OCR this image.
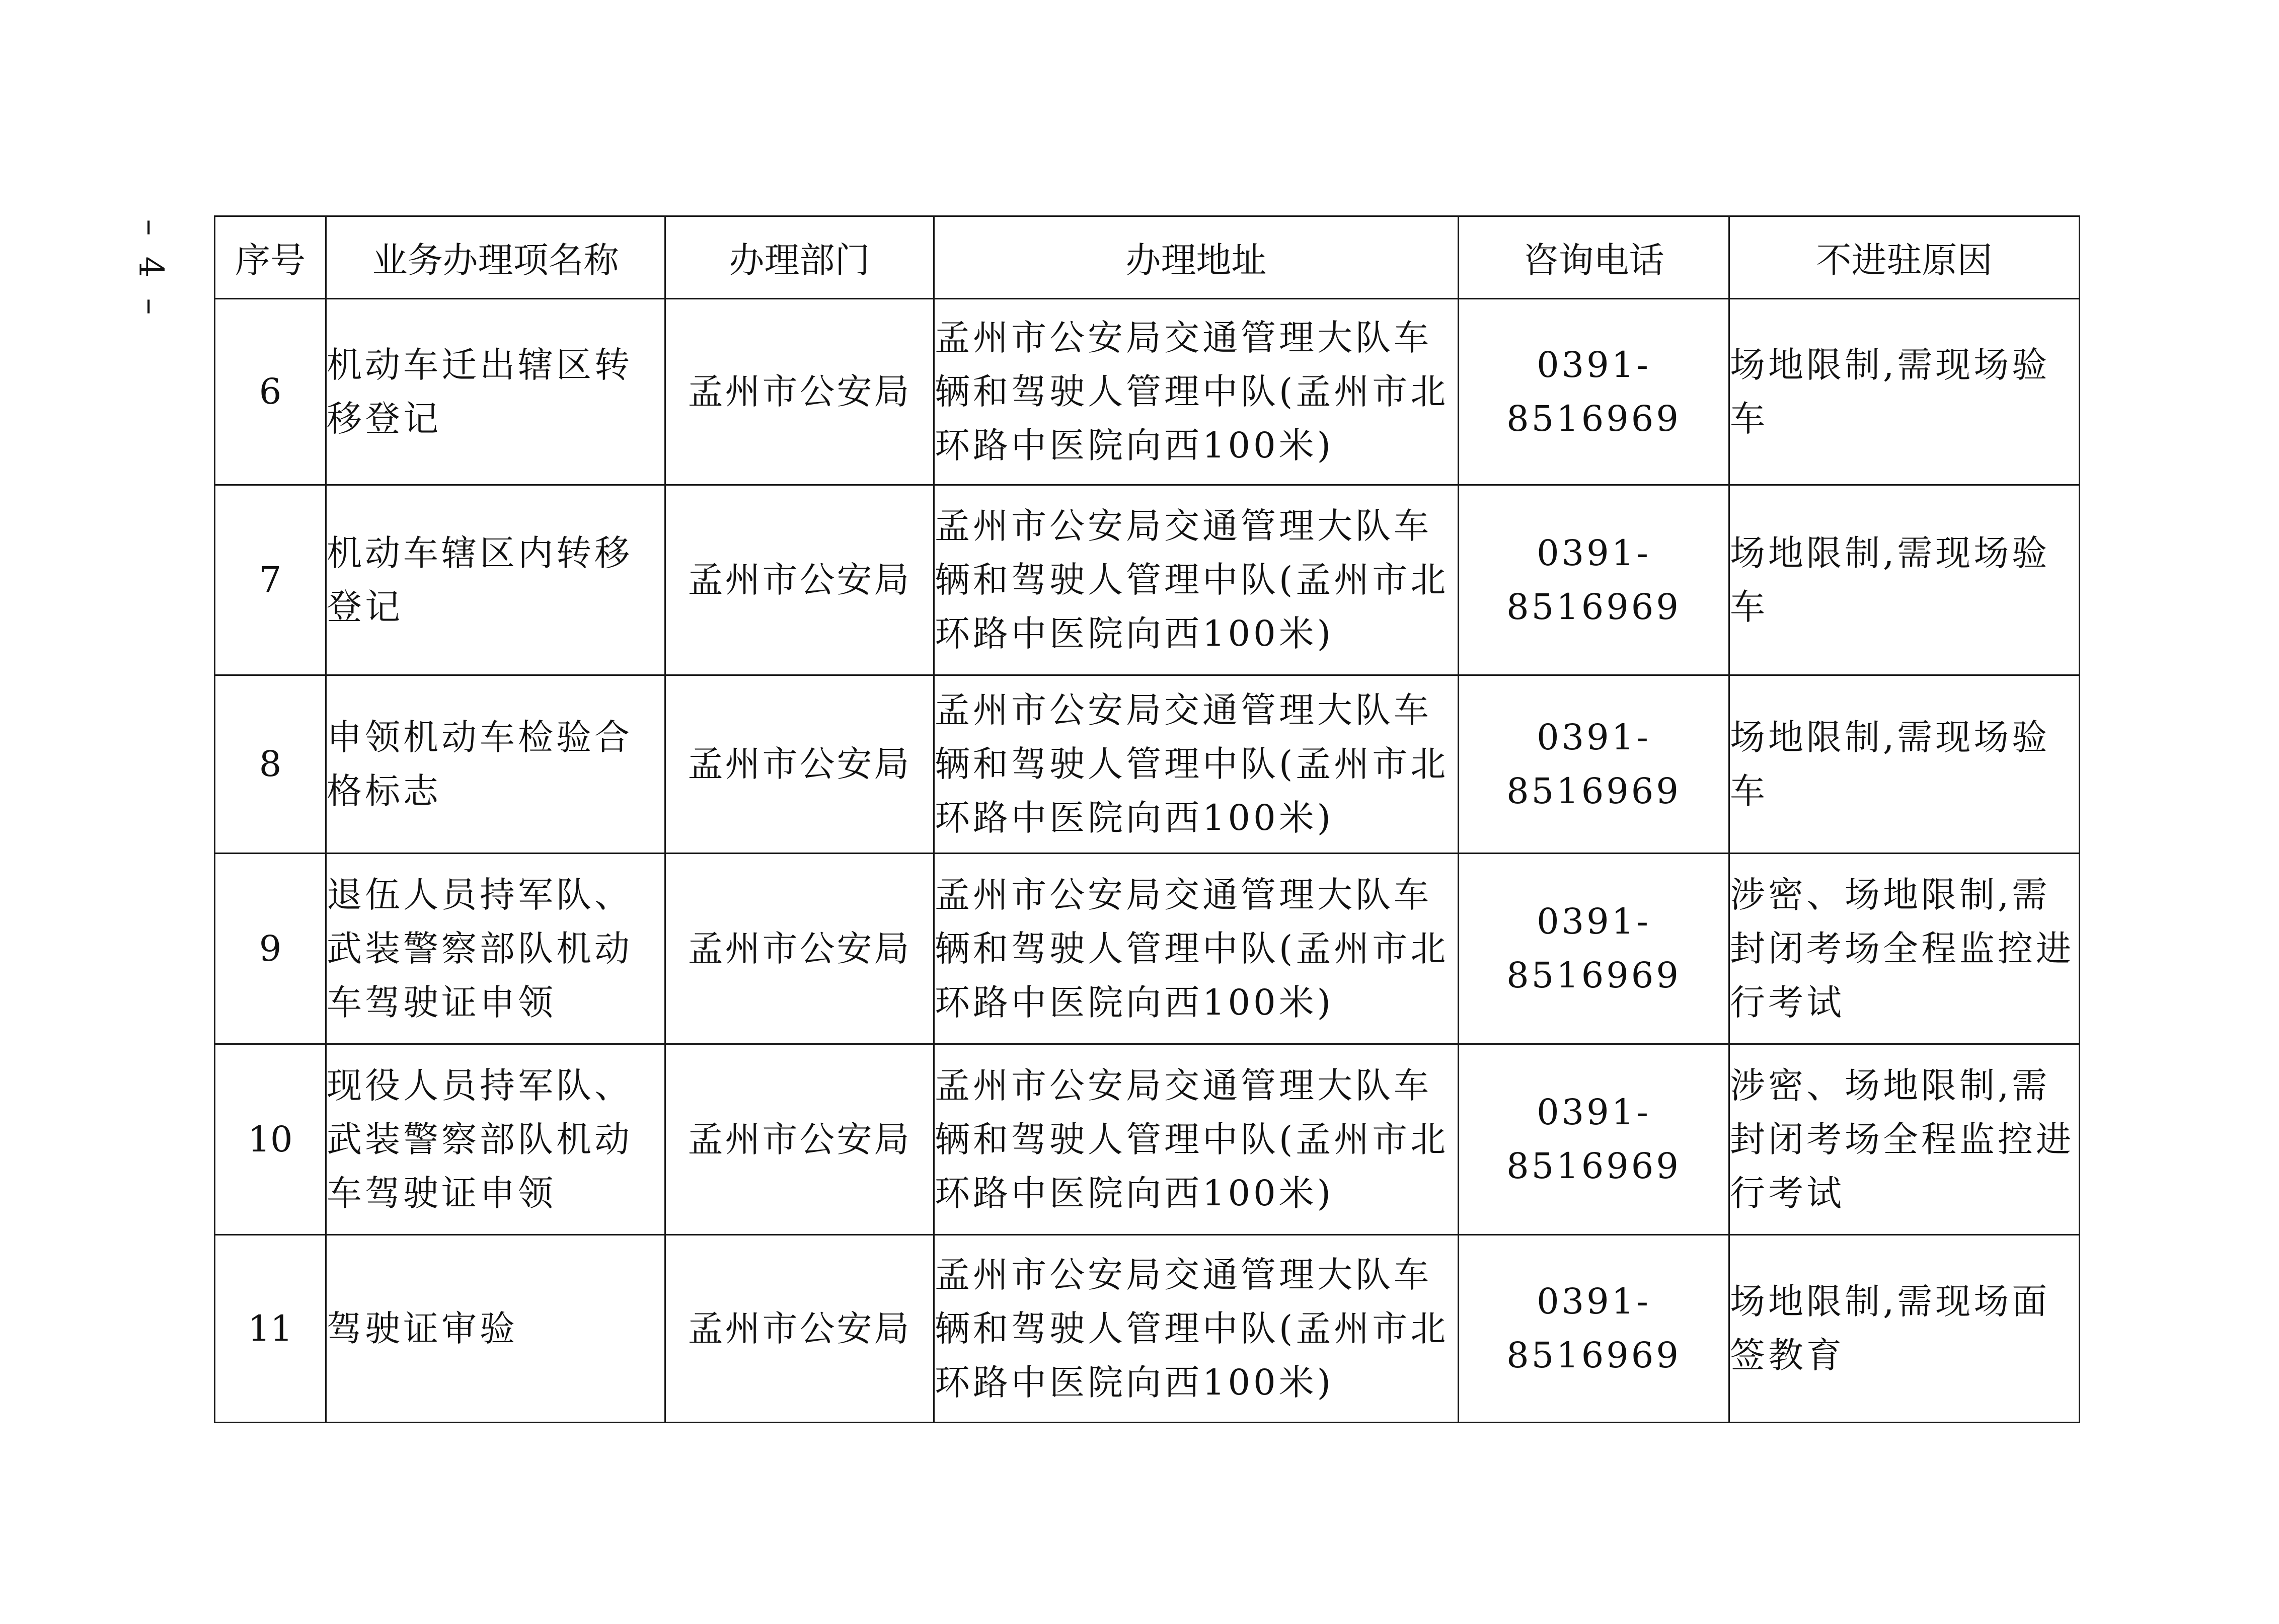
– 4 – 序号	业务办理项名称	办理部门	办理地址	咨询电话	不进驻原因
6	机动车迁出辖区转移登记	孟州市公安局	孟州市公安局交通管理大队车辆和驾驶人管理中队(孟州市北环路中医院向西100米)	0391-8516969	场地限制,需现场验车
7	机动车辖区内转移登记	孟州市公安局	孟州市公安局交通管理大队车辆和驾驶人管理中队(孟州市北环路中医院向西100米)	0391-8516969	场地限制,需现场验车
8	申领机动车检验合格标志	孟州市公安局	孟州市公安局交通管理大队车辆和驾驶人管理中队(孟州市北环路中医院向西100米)	0391-8516969	场地限制,需现场验车
9	退伍人员持军队、武装警察部队机动车驾驶证申领	孟州市公安局	孟州市公安局交通管理大队车辆和驾驶人管理中队(孟州市北环路中医院向西100米)	0391-8516969	涉密、场地限制,需封闭考场全程监控进行考试
10	现役人员持军队、武装警察部队机动车驾驶证申领	孟州市公安局	孟州市公安局交通管理大队车辆和驾驶人管理中队(孟州市北环路中医院向西100米)	0391-8516969	涉密、场地限制,需封闭考场全程监控进行考试
11	驾驶证审验	孟州市公安局	孟州市公安局交通管理大队车辆和驾驶人管理中队(孟州市北环路中医院向西100米)	0391-8516969	场地限制,需现场面签教育
